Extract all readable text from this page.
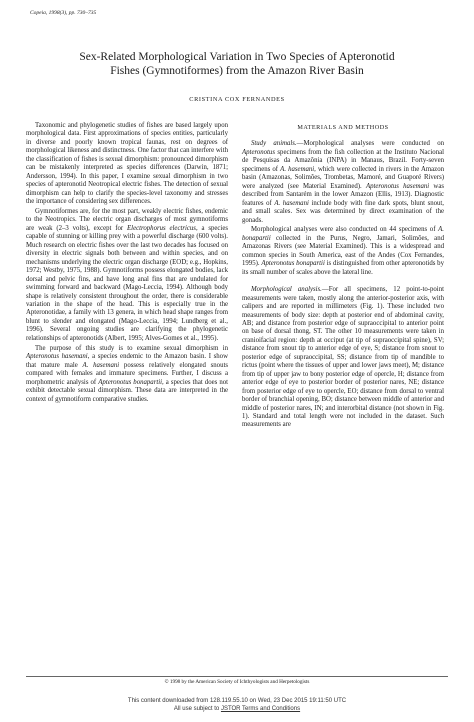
Copeia, 1998(3), pp. 730–735
Sex-Related Morphological Variation in Two Species of Apteronotid
Fishes (Gymnotiformes) from the Amazon River Basin
CRISTINA COX FERNANDES

Taxonomic and phylogenetic studies of fishes are based largely upon morphological data. First approximations of species entities, particularly in diverse and poorly known tropical faunas, rest on degrees of morphological likeness and distinctness. One factor that can interfere with the classification of fishes is sexual dimorphism: pronounced dimorphism can be mistakenly interpreted as species differences (Darwin, 1871; Andersson, 1994). In this paper, I examine sexual dimorphism in two species of apteronotid Neotropical electric fishes. The detection of sexual dimorphism can help to clarify the species-level taxonomy and stresses the importance of considering sex differences.

Gymnotiformes are, for the most part, weakly electric fishes, endemic to the Neotropics. The electric organ discharges of most gymnotiforms are weak (2–3 volts), except for Electrophorus electricus, a species capable of stunning or killing prey with a powerful discharge (600 volts). Much research on electric fishes over the last two decades has focused on diversity in electric signals both between and within species, and on mechanisms underlying the electric organ discharge (EOD; e.g., Hopkins, 1972; Westby, 1975, 1988). Gymnotiforms possess elongated bodies, lack dorsal and pelvic fins, and have long anal fins that are undulated for swimming forward and backward (Mago-Leccia, 1994). Although body shape is relatively consistent throughout the order, there is considerable variation in the shape of the head. This is especially true in the Apteronotidae, a family with 13 genera, in which head shape ranges from blunt to slender and elongated (Mago-Leccia, 1994; Lundberg et al., 1996). Several ongoing studies are clarifying the phylogenetic relationships of apteronotids (Albert, 1995; Alves-Gomes et al., 1995).

The purpose of this study is to examine sexual dimorphism in Apteronotus hasemani, a species endemic to the Amazon basin. I show that mature male A. hasemani possess relatively elongated snouts compared with females and immature specimens. Further, I discuss a morphometric analysis of Apteronotus bonapartii, a species that does not exhibit detectable sexual dimorphism. These data are interpreted in the context of gymnotiform comparative studies.

MATERIALS AND METHODS

Study animals.—Morphological analyses were conducted on Apteronotus specimens from the fish collection at the Instituto Nacional de Pesquisas da Amazônia (INPA) in Manaus, Brazil. Forty-seven specimens of A. hasemani, which were collected in rivers in the Amazon basin (Amazonas, Solimões, Trombetas, Mamoré, and Guaporé Rivers) were analyzed (see Material Examined). Apteronotus hasemani was described from Santarém in the lower Amazon (Ellis, 1913). Diagnostic features of A. hasemani include body with fine dark spots, blunt snout, and small scales. Sex was determined by direct examination of the gonads.

Morphological analyses were also conducted on 44 specimens of A. bonapartii collected in the Purus, Negro, Jamari, Solimões, and Amazonas Rivers (see Material Examined). This is a widespread and common species in South America, east of the Andes (Cox Fernandes, 1995). Apteronotus bonapartii is distinguished from other apteronotids by its small number of scales above the lateral line.

Morphological analysis.—For all specimens, 12 point-to-point measurements were taken, mostly along the anterior-posterior axis, with calipers and are reported in millimeters (Fig. 1). These included two measurements of body size: depth at posterior end of abdominal cavity, AB; and distance from posterior edge of supraoccipital to anterior point on base of dorsal thong, ST. The other 10 measurements were taken in cranioifacial region: depth at occiput (at tip of supraoccipital spine), SV; distance from snout tip to anterior edge of eye, S; distance from snout to posterior edge of supraoccipital, SS; distance from tip of mandible to rictus (point where the tissues of upper and lower jaws meet), M; distance from tip of upper jaw to bony posterior edge of opercle, H; distance from anterior edge of eye to posterior border of posterior nares, NE; distance from posterior edge of eye to opercle, EO; distance from dorsal to ventral border of branchial opening, BO; distance between middle of anterior and middle of posterior nares, IN; and interorbital distance (not shown in Fig. 1). Standard and total length were not included in the dataset. Such measurements are

© 1998 by the American Society of Ichthyologists and Herpetologists
This content downloaded from 128.119.55.10 on Wed, 23 Dec 2015 19:11:50 UTC
All use subject to JSTOR Terms and Conditions
